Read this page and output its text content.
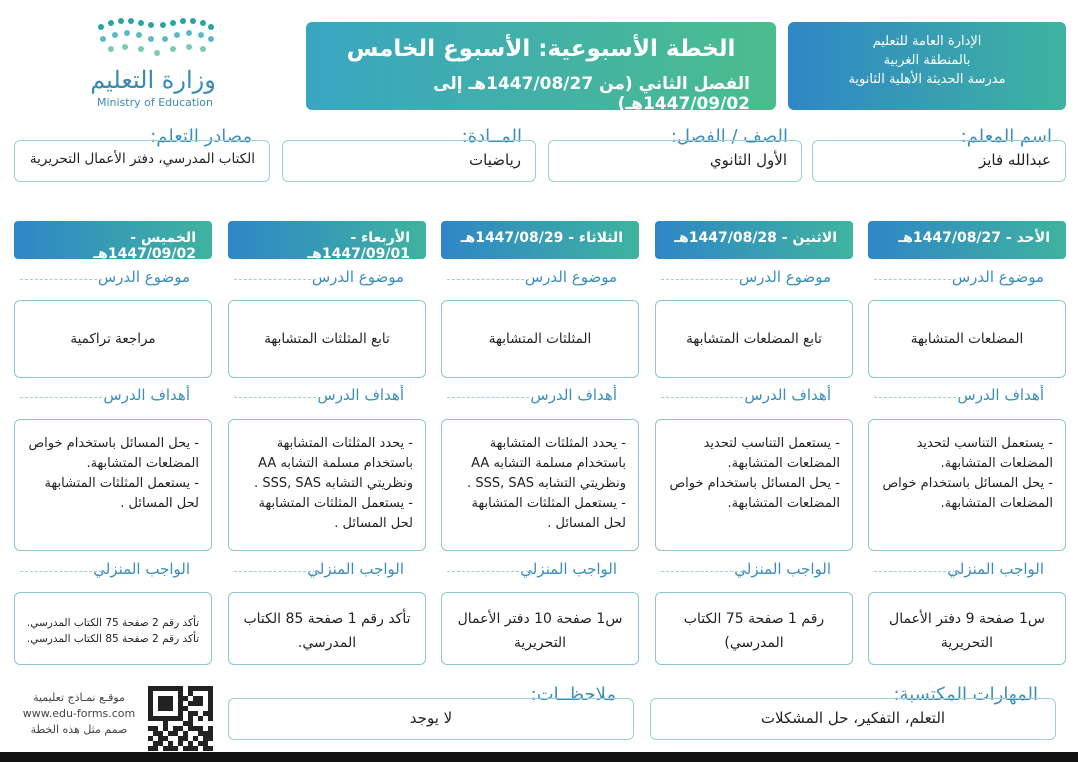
وزارة التعليم
Ministry of Education
الخطة الأسبوعية: الأسبوع الخامس
الفصل الثاني (من 1447/08/27هـ إلى 1447/09/02هـ)
الإدارة العامة للتعليم
بالمنطقة الغربية
مدرسة الحديثة الأهلية الثانوية
اسم المعلم:
الصف / الفصل:
المــادة:
مصادر التعلم:
عبدالله فايز
الأول الثانوي
رياضيات
الكتاب المدرسي، دفتر الأعمال التحريرية
الأحد - 1447/08/27هـ
موضوع الدرس
المضلعات المتشابهة
أهداف الدرس
- يستعمل التناسب لتحديد المضلعات المتشابهة.
- يحل المسائل باستخدام خواص المضلعات المتشابهة.
الواجب المنزلي
س1 صفحة 9 دفتر الأعمال التحريرية
الاثنين - 1447/08/28هـ
موضوع الدرس
تابع المضلعات المتشابهة
أهداف الدرس
- يستعمل التناسب لتحديد المضلعات المتشابهة.
- يحل المسائل باستخدام خواص المضلعات المتشابهة.
الواجب المنزلي
رقم 1 صفحة 75 الكتاب المدرسي)
الثلاثاء - 1447/08/29هـ
موضوع الدرس
المثلثات المتشابهة
أهداف الدرس
- يحدد المثلثات المتشابهة باستخدام مسلمة التشابه AA ونظريتي التشابه SSS, SAS .
- يستعمل المثلثات المتشابهة لحل المسائل .
الواجب المنزلي
س1 صفحة 10 دفتر الأعمال التحريرية
الأربعاء - 1447/09/01هـ
موضوع الدرس
تابع المثلثات المتشابهة
أهداف الدرس
- يحدد المثلثات المتشابهة باستخدام مسلمة التشابه AA ونظريتي التشابه SSS, SAS .
- يستعمل المثلثات المتشابهة لحل المسائل .
الواجب المنزلي
تأكد رقم 1 صفحة 85 الكتاب المدرسي.
الخميس - 1447/09/02هـ
موضوع الدرس
مراجعة تراكمية
أهداف الدرس
- يحل المسائل باستخدام خواص المضلعات المتشابهة.
- يستعمل المثلثات المتشابهة لحل المسائل .
الواجب المنزلي
تأكد رقم 2 صفحة 75 الكتاب المدرسي.
تأكد رقم 2 صفحة 85 الكتاب المدرسي.
المهارات المكتسبة:
التعلم، التفكير، حل المشكلات
ملاحظــات:
لا يوجد
موقـع نمـاذج تعليمية
www.edu-forms.com
صمم مثل هذه الخطة
